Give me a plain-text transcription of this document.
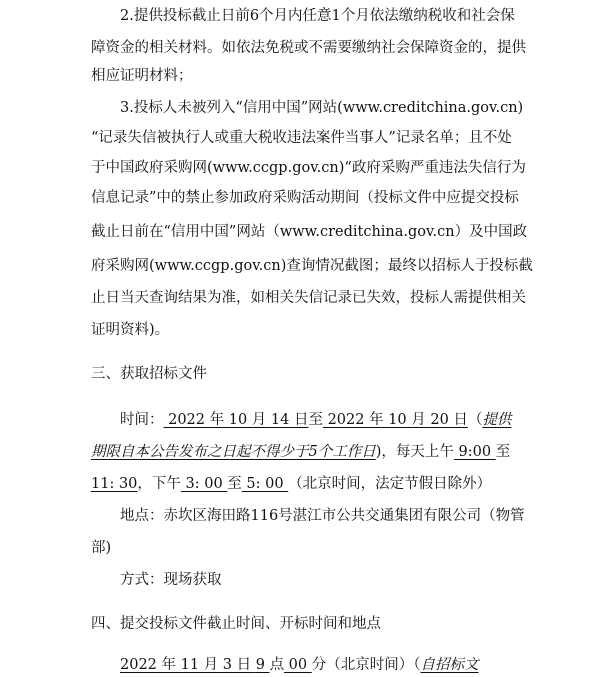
2.提供投标截止日前6个月内任意1个月依法缴纳税收和社会保
障资金的相关材料。如依法免税或不需要缴纳社会保障资金的，提供
相应证明材料；
3.投标人未被列入“信用中国”网站(www.creditchina.gov.cn)
“记录失信被执行人或重大税收违法案件当事人”记录名单；且不处
于中国政府采购网(www.ccgp.gov.cn)“政府采购严重违法失信行为
信息记录”中的禁止参加政府采购活动期间（投标文件中应提交投标
截止日前在“信用中国”网站（www.creditchina.gov.cn）及中国政
府采购网(www.ccgp.gov.cn)查询情况截图；最终以招标人于投标截
止日当天查询结果为准，如相关失信记录已失效，投标人需提供相关
证明资料)。
三、获取招标文件
时间： 2022 年 10 月 14 日至 2022 年 10 月 20 日（提供
期限自本公告发布之日起不得少于5个工作日)，每天上午 9:00 至
11: 30，下午 3: 00 至 5: 00 （北京时间，法定节假日除外）
地点：赤坎区海田路116号湛江市公共交通集团有限公司（物管
部)
方式：现场获取
四、提交投标文件截止时间、开标时间和地点
2022 年 11 月 3 日 9 点 00 分（北京时间）（自招标文
